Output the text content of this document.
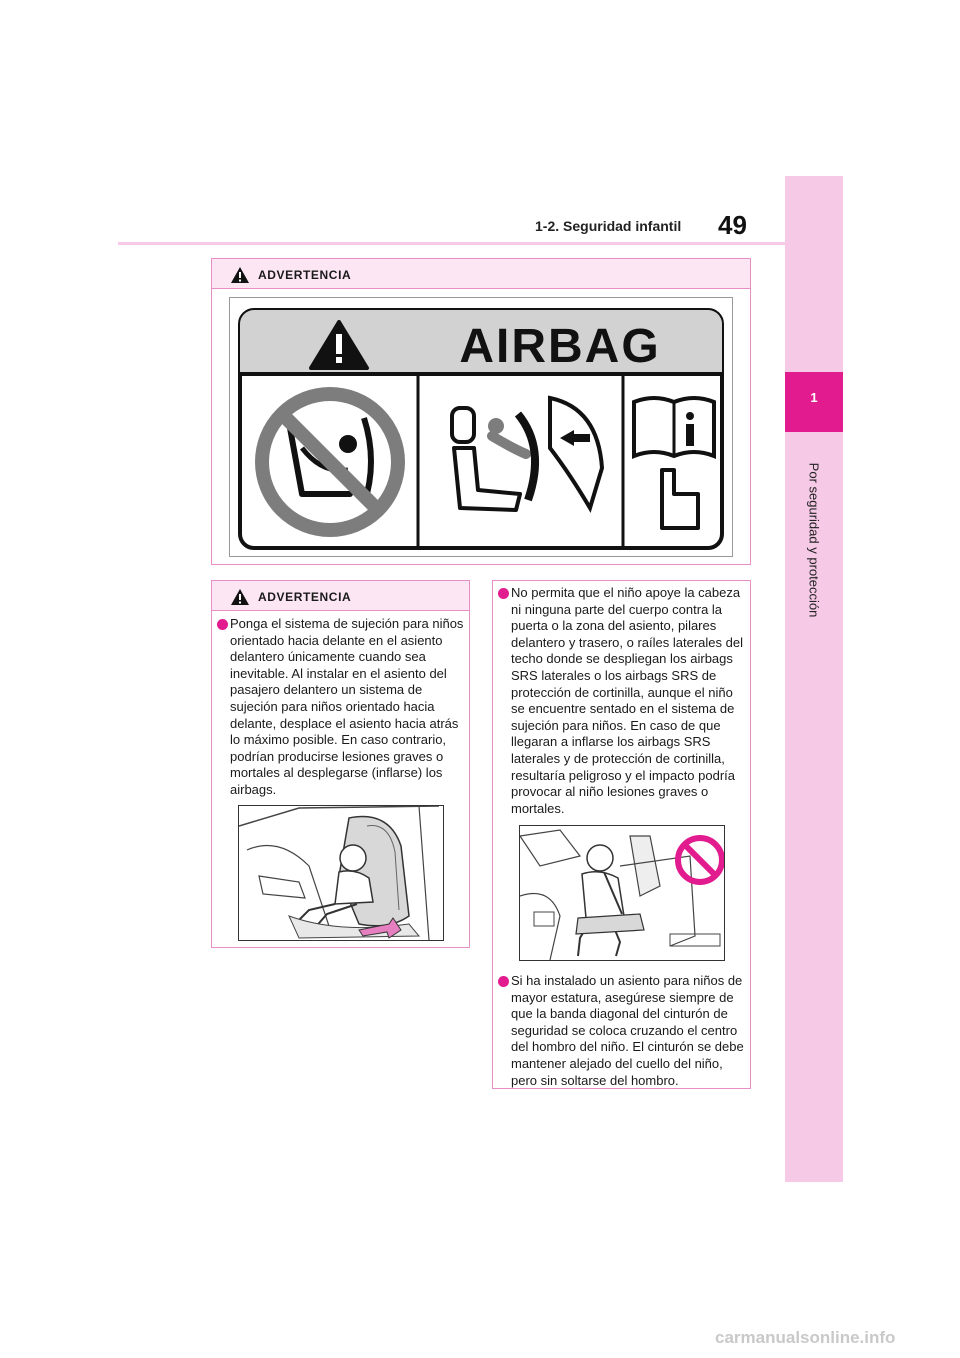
1
Por seguridad y protección
1-2. Seguridad infantil 49
ADVERTENCIA
AIRBAG
ADVERTENCIA
Ponga el sistema de sujeción para niños orientado hacia delante en el asiento delantero únicamente cuando sea inevitable. Al instalar en el asiento del pasajero delantero un sistema de sujeción para niños orientado hacia delante, desplace el asiento hacia atrás lo máximo posible. En caso contrario, podrían producirse lesiones graves o mortales al desplegarse (inflarse) los airbags.
No permita que el niño apoye la cabeza ni ninguna parte del cuerpo contra la puerta o la zona del asiento, pilares delantero y trasero, o raíles laterales del techo donde se despliegan los airbags SRS laterales o los airbags SRS de protección de cortinilla, aunque el niño se encuentre sentado en el sistema de sujeción para niños. En caso de que llegaran a inflarse los airbags SRS laterales y de protección de cortinilla, resultaría peligroso y el impacto podría provocar al niño lesiones graves o mortales.
Si ha instalado un asiento para niños de mayor estatura, asegúrese siempre de que la banda diagonal del cinturón de seguridad se coloca cruzando el centro del hombro del niño. El cinturón se debe mantener alejado del cuello del niño, pero sin soltarse del hombro.
carmanualsonline.info
